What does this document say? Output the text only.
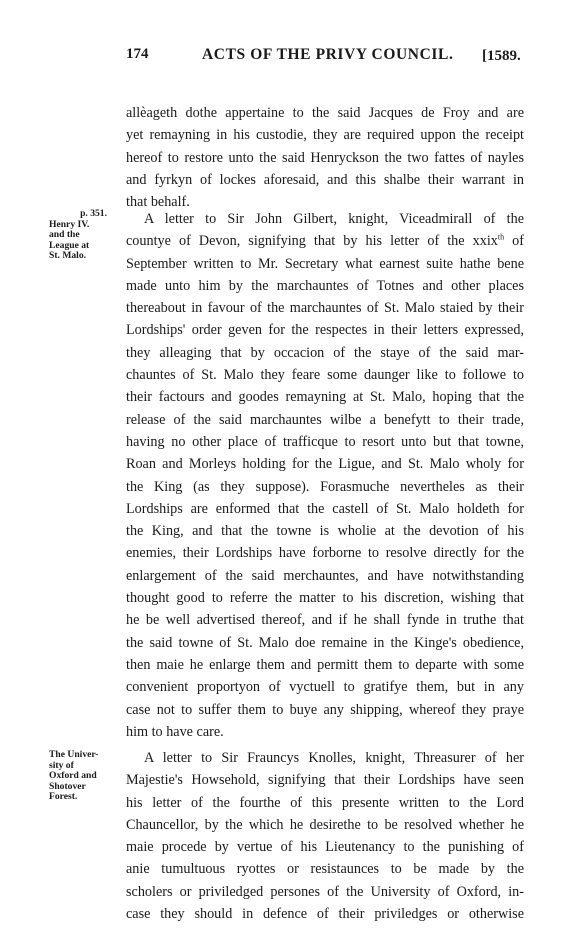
174	ACTS OF THE PRIVY COUNCIL. [1589.
allѐageth dothe appertaine to the said Jacques de Froy and are
yet remayning in his custodie, they are required uppon the receipt
hereof to restore unto the said Henryckson the two fattes of nayles
and fyrkyn of lockes aforesaid, and this shalbe their warrant in
that behalf.
p. 351.
Henry IV.
and the
League at
St. Malo.
A letter to Sir John Gilbert, knight, Viceadmirall of the
countye of Devon, signifying that by his letter of the xxix$^{th}$ of
September written to Mr. Secretary what earnest suite hathe bene
made unto him by the marchauntes of Totnes and other places
thereabout in favour of the marchauntes of St. Malo staied by their
Lordships' order geven for the respectes in their letters expressed,
they alleaging that by occacion of the staye of the said mar-
chauntes of St. Malo they feare some daunger like to followe to
their factours and goodes remayning at St. Malo, hoping that the
release of the said marchauntes wilbe a benefytt to their trade,
having no other place of trafficque to resort unto but that towne,
Roan and Morleys holding for the Ligue, and St. Malo wholy for
the King (as they suppose). Forasmuche nevertheles as their
Lordships are enformed that the castell of St. Malo holdeth for
the King, and that the towne is wholie at the devotion of his
enemies, their Lordships have forborne to resolve directly for the
enlargement of the said merchauntes, and have notwithstanding
thought good to referre the matter to his discretion, wishing that
he be well advertised thereof, and if he shall fynde in truthe that
the said towne of St. Malo doe remaine in the Kinge's obedience,
then maie he enlarge them and permitt them to departe with some
convenient proportyon of vyctuell to gratifye them, but in any
case not to suffer them to buye any shipping, whereof they praye
him to have care.
The Univer-
sity of
Oxford and
Shotover
Forest.
A letter to Sir Frauncys Knolles, knight, Threasurer of her
Majestie's Howsehold, signifying that their Lordships have seen
his letter of the fourthe of this presente written to the Lord
Chauncellor, by the which he desirethe to be resolved whether he
maie procede by vertue of his Lieutenancy to the punishing of
anie tumultuous ryottes or resistaunces to be made by the
scholers or priviledged persones of the University of Oxford, in-
case they should in defence of their priviledges or otherwise
